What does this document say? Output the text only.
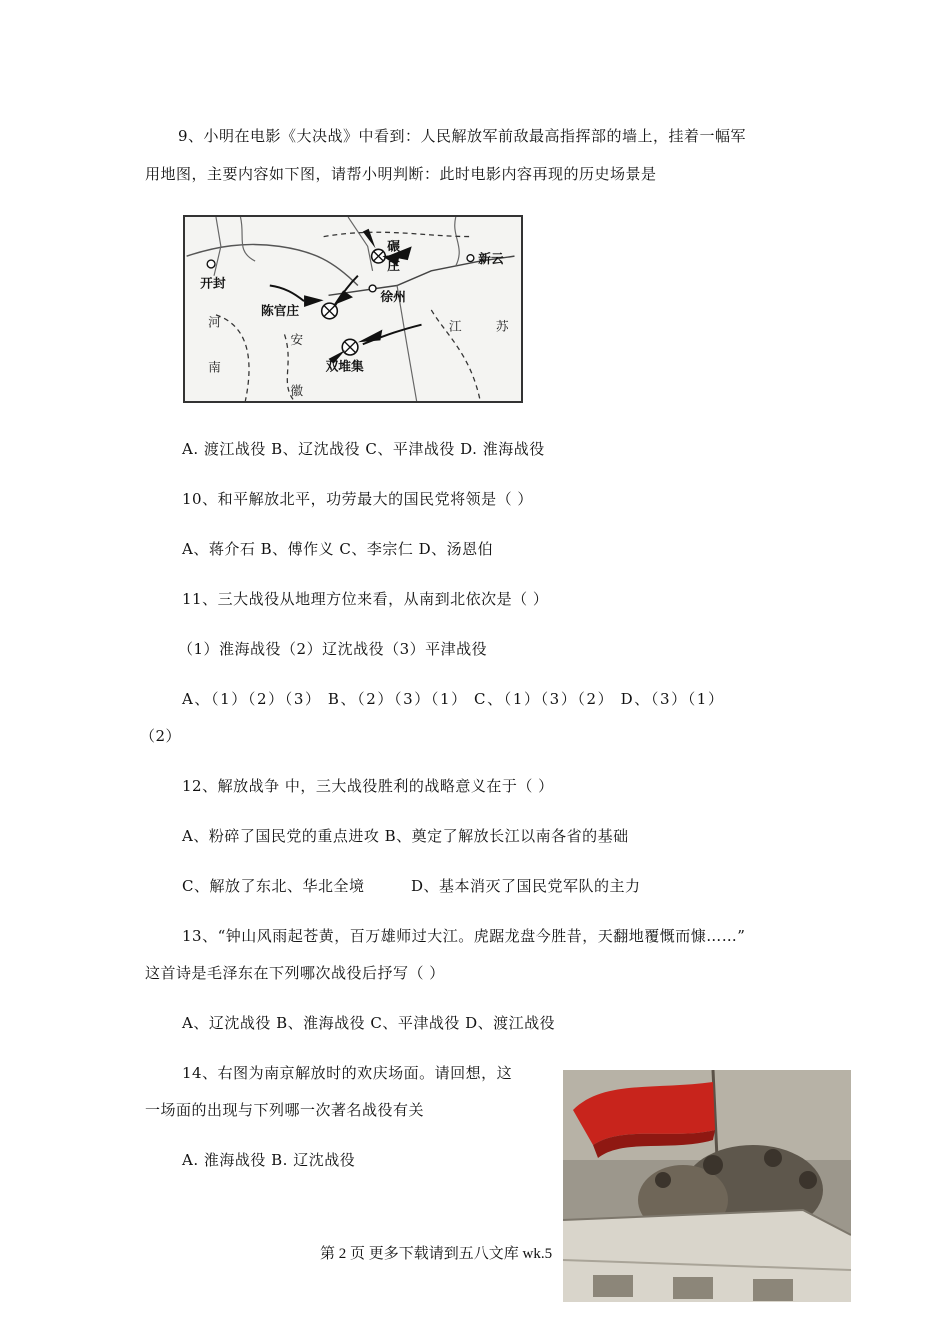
9、小明在电影《大决战》中看到：人民解放军前敌最高指挥部的墙上，挂着一幅军
用地图，主要内容如下图，请帮小明判断：此时电影内容再现的历史场景是
开封
河
南
陈官庄
安
徽
双堆集
徐州
碾
庄
江	苏
新云
A. 渡江战役 B、辽沈战役 C、平津战役 D. 淮海战役
10、和平解放北平，功劳最大的国民党将领是（ ）
A、蒋介石 B、傅作义 C、李宗仁 D、汤恩伯
11、三大战役从地理方位来看，从南到北依次是（ ）
（1）淮海战役（2）辽沈战役（3）平津战役
A、（1）（2）（3） B、（2）（3）（1） C、（1）（3）（2） D、（3）（1）
（2）
12、解放战争 中，三大战役胜利的战略意义在于（ ）
A、粉碎了国民党的重点进攻 B、奠定了解放长江以南各省的基础
C、解放了东北、华北全境　　　D、基本消灭了国民党军队的主力
13、“钟山风雨起苍黄，百万雄师过大江。虎踞龙盘今胜昔，天翻地覆慨而慷……”
这首诗是毛泽东在下列哪次战役后抒写（ ）
A、辽沈战役 B、淮海战役 C、平津战役 D、渡江战役
14、右图为南京解放时的欢庆场面。请回想，这
一场面的出现与下列哪一次著名战役有关
A. 淮海战役 B. 辽沈战役
第 2 页 更多下载请到五八文库 wk.5
